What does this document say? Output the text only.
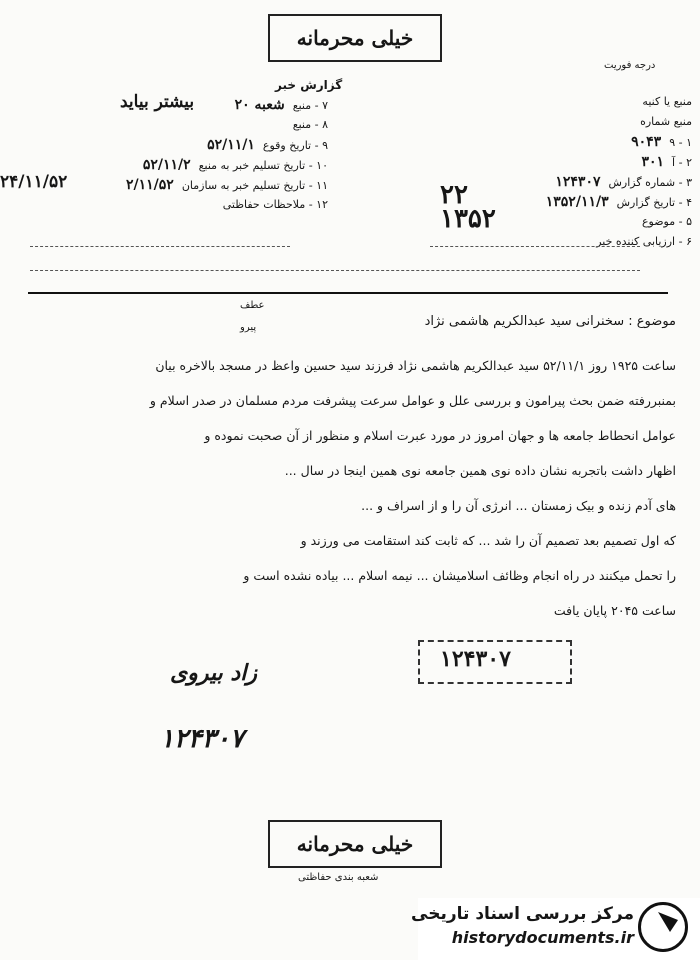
خیلی محرمانه
درجه فوریت
گزارش خبر
منبع یا کنیه
منبع شماره
۱ - ۹۹۰۴۳
۲ - آ۳۰۱
۳ - شماره گزارش۱۲۴۳۰۷
۴ - تاریخ گزارش۱۳۵۲/۱۱/۳
۵ - موضوع
۶ - ارزیابی کننده خبر
۷ - منبعشعبه ۲۰
۸ - منبع
۹ - تاریخ وقوع۵۲/۱۱/۱
۱۰ - تاریخ تسلیم خبر به منبع۵۲/۱۱/۲
۱۱ - تاریخ تسلیم خبر به سازمان۲/۱۱/۵۲
۱۲ - ملاحظات حفاظتی
بیشتر بیاید
۲۴/۱۱/۵۲	۲۲
۱۳۵۲
عطف
پیرو	موضوع : سخنرانی سید عبدالکریم هاشمی نژاد
ساعت ۱۹۲۵ روز ۵۲/۱۱/۱ سید عبدالکریم هاشمی نژاد فرزند سید حسین واعظ در مسجد بالاخره بیان
بمنبررفته ضمن بحث پیرامون و بررسی علل و عوامل سرعت پیشرفت مردم مسلمان در صدر اسلام و
عوامل انحطاط جامعه ها و جهان امروز در مورد عبرت اسلام و منظور از آن صحبت نموده و
اظهار داشت باتجربه نشان داده نوی همین جامعه نوی همین اینجا در سال ...
های آدم زنده و بیک زمستان ... انرژی آن را و از اسراف و ...
که اول تصمیم بعد تصمیم آن را شد ... که ثابت کند استقامت می ورزند و
را تحمل میکنند در راه انجام وظائف اسلامیشان ... نیمه اسلام ... بیاده نشده است و
ساعت ۲۰۴۵ پایان یافت
۱۲۴۳۰۷
زاد بیروی
۱۲۴۳۰۷
خیلی محرمانه
شعبه بندی حفاظتی
مرکز بررسی اسناد تاریخی
historydocuments.ir
